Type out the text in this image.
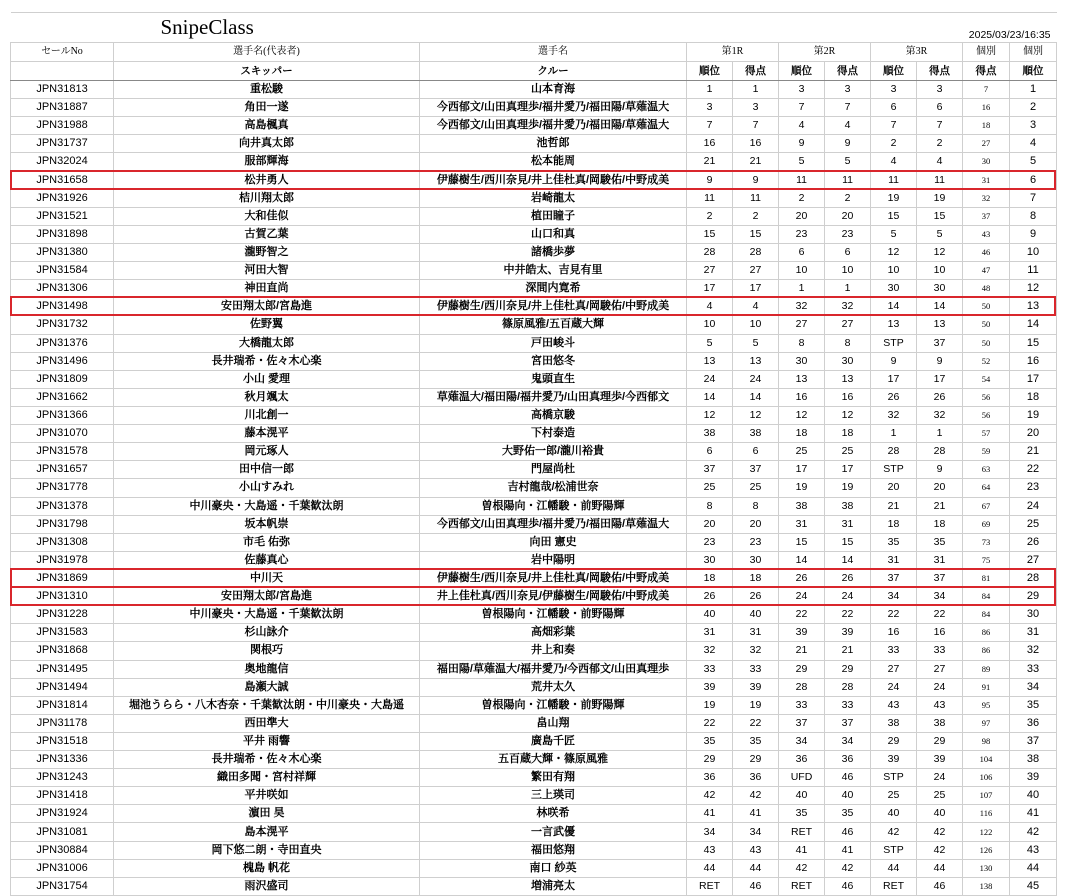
SnipeClass			2025/03/23/16:35							
セールNo	選手名(代表者)	選手名	第1R		第2R		第3R		個別	個別
	スキッパー	クルー	順位	得点	順位	得点	順位	得点	得点	順位
JPN31813	重松駿	山本育海	1	1	3	3	3	3	7	1
JPN31887	角田一遂	今西郁文/山田真理歩/福井愛乃/福田陽/草薙温大	3	3	7	7	6	6	16	2
JPN31988	高島楓真	今西郁文/山田真理歩/福井愛乃/福田陽/草薙温大	7	7	4	4	7	7	18	3
JPN31737	向井真太郎	池哲郎	16	16	9	9	2	2	27	4
JPN32024	服部輝海	松本能周	21	21	5	5	4	4	30	5
JPN31658	松井勇人	伊藤樹生/西川奈見/井上佳杜真/岡駿佑/中野成美	9	9	11	11	11	11	31	6
JPN31926	桔川翔太郎	岩崎龍太	11	11	2	2	19	19	32	7
JPN31521	大和佳似	植田瞳子	2	2	20	20	15	15	37	8
JPN31898	古賀乙葉	山口和真	15	15	23	23	5	5	43	9
JPN31380	瀧野智之	諸橋歩夢	28	28	6	6	12	12	46	10
JPN31584	河田大智	中井皓太、吉見有里	27	27	10	10	10	10	47	11
JPN31306	神田直尚	深間内寛希	17	17	1	1	30	30	48	12
JPN31498	安田翔太郎/宮島進	伊藤樹生/西川奈見/井上佳杜真/岡駿佑/中野成美	4	4	32	32	14	14	50	13
JPN31732	佐野翼	篠原風雅/五百蔵大輝	10	10	27	27	13	13	50	14
JPN31376	大橋龍太郎	戸田峻斗	5	5	8	8	STP	37	50	15
JPN31496	長井瑞希・佐々木心楽	宮田悠冬	13	13	30	30	9	9	52	16
JPN31809	小山 愛理	鬼頭直生	24	24	13	13	17	17	54	17
JPN31662	秋月颯太	草薙温大/福田陽/福井愛乃/山田真理歩/今西郁文	14	14	16	16	26	26	56	18
JPN31366	川北創一	高橋京駿	12	12	12	12	32	32	56	19
JPN31070	藤本滉平	下村泰造	38	38	18	18	1	1	57	20
JPN31578	岡元琢人	大野佑一郎/瀧川裕貴	6	6	25	25	28	28	59	21
JPN31657	田中信一郎	門屋尚杜	37	37	17	17	STP	9	63	22
JPN31778	小山すみれ	吉村龍哉/松浦世奈	25	25	19	19	20	20	64	23
JPN31378	中川豪央・大島遥・千葉歓汰朗	曽根陽向・江幡駿・前野陽輝	8	8	38	38	21	21	67	24
JPN31798	坂本帆崇	今西郁文/山田真理歩/福井愛乃/福田陽/草薙温大	20	20	31	31	18	18	69	25
JPN31308	市毛 佑弥	向田 憲史	23	23	15	15	35	35	73	26
JPN31978	佐藤真心	岩中陽明	30	30	14	14	31	31	75	27
JPN31869	中川天	伊藤樹生/西川奈見/井上佳杜真/岡駿佑/中野成美	18	18	26	26	37	37	81	28
JPN31310	安田翔太郎/宮島進	井上佳杜真/西川奈見/伊藤樹生/岡駿佑/中野成美	26	26	24	24	34	34	84	29
JPN31228	中川豪央・大島遥・千葉歓汰朗	曽根陽向・江幡駿・前野陽輝	40	40	22	22	22	22	84	30
JPN31583	杉山詠介	高畑彩葉	31	31	39	39	16	16	86	31
JPN31868	関根巧	井上和奏	32	32	21	21	33	33	86	32
JPN31495	奥地龍信	福田陽/草薙温大/福井愛乃/今西郁文/山田真理歩	33	33	29	29	27	27	89	33
JPN31494	島瀬大誠	荒井太久	39	39	28	28	24	24	91	34
JPN31814	堀池うらら・八木杏奈・千葉歓汰朗・中川豪央・大島遥	曽根陽向・江幡駿・前野陽輝	19	19	33	33	43	43	95	35
JPN31178	西田準大	畠山翔	22	22	37	37	38	38	97	36
JPN31518	平井 雨響	廣島千匠	35	35	34	34	29	29	98	37
JPN31336	長井瑞希・佐々木心楽	五百蔵大輝・篠原風雅	29	29	36	36	39	39	104	38
JPN31243	織田多聞・宮村祥輝	繁田有翔	36	36	UFD	46	STP	24	106	39
JPN31418	平井咲如	三上瑛司	42	42	40	40	25	25	107	40
JPN31924	濵田 昊	林咲希	41	41	35	35	40	40	116	41
JPN31081	島本滉平	一言武優	34	34	RET	46	42	42	122	42
JPN30884	岡下悠二朗・寺田直央	福田悠翔	43	43	41	41	STP	42	126	43
JPN31006	槐島 帆花	南口 紗英	44	44	42	42	44	44	130	44
JPN31754	雨沢盛司	増浦亮太	RET	46	RET	46	RET	46	138	45
